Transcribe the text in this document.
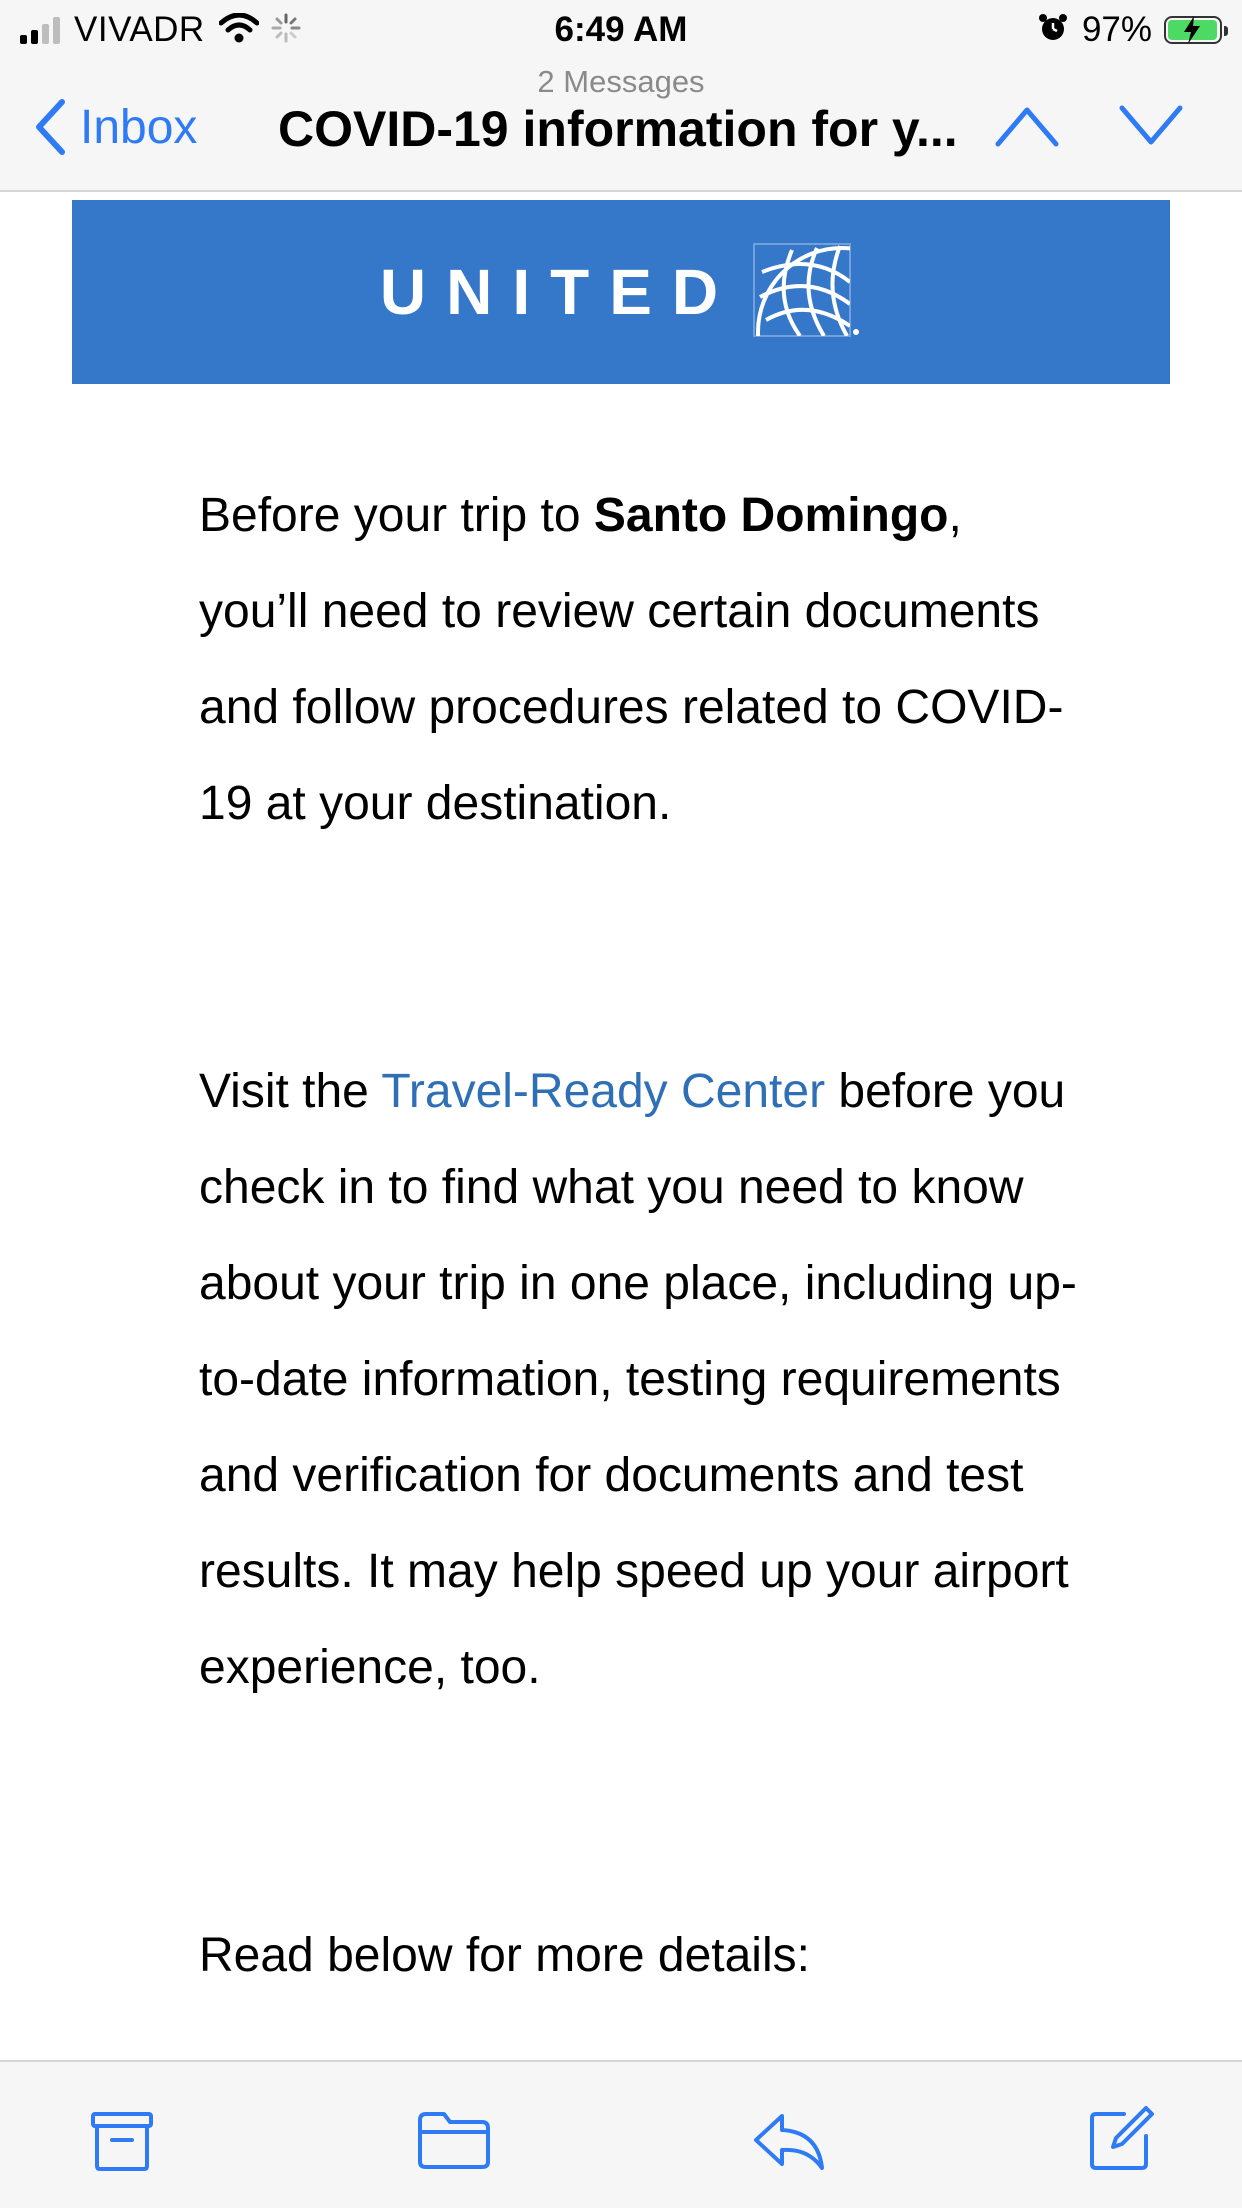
VIVADR	6:49 AM	97%
2 Messages
Inbox COVID-19 information for y...
UNITED

Before your trip to Santo Domingo, you’ll need to review certain documents and follow procedures related to COVID-19 at your destination.

Visit the Travel-Ready Center before you check in to find what you need to know about your trip in one place, including up-to-date information, testing requirements and verification for documents and test results. It may help speed up your airport experience, too.

Read below for more details:
